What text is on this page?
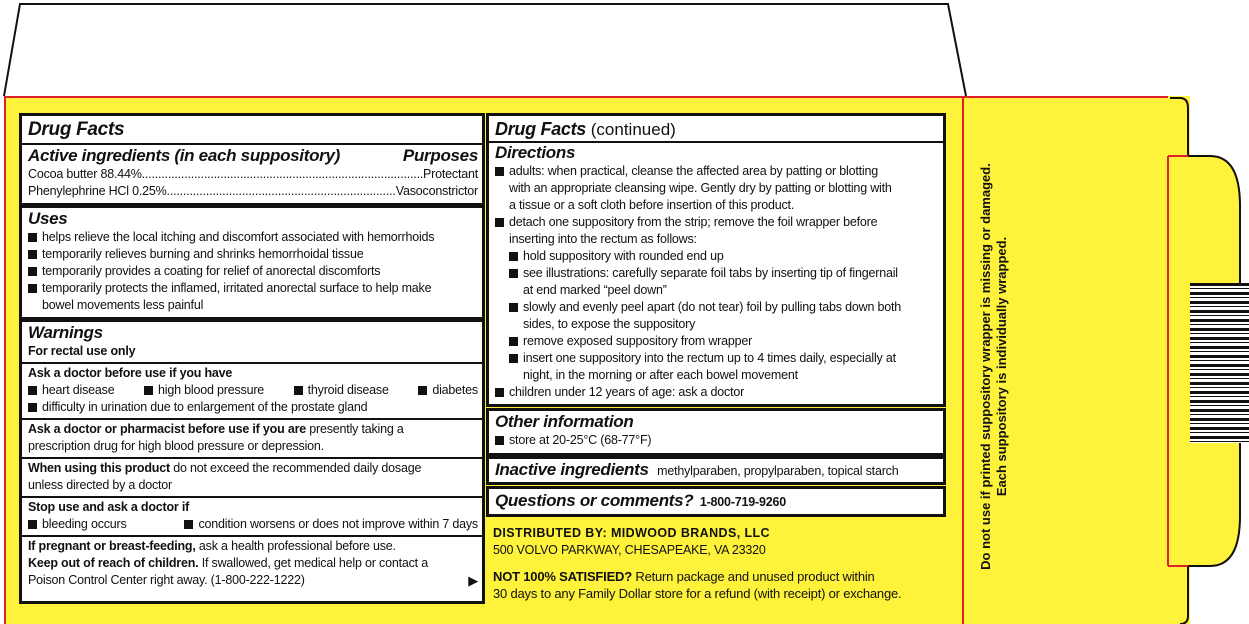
Drug Facts
Active ingredients (in each suppository)	Purposes
Cocoa butter 88.44% .....	Protectant
Phenylephrine HCl 0.25% .....	Vasoconstrictor
Uses
helps relieve the local itching and discomfort associated with hemorrhoids
temporarily relieves burning and shrinks hemorrhoidal tissue
temporarily provides a coating for relief of anorectal discomforts
temporarily protects the inflamed, irritated anorectal surface to help make
bowel movements less painful
Warnings
For rectal use only
Ask a doctor before use if you have
heart disease	high blood pressure	thyroid disease	diabetes
difficulty in urination due to enlargement of the prostate gland
Ask a doctor or pharmacist before use if you are presently taking a
prescription drug for high blood pressure or depression.
When using this product do not exceed the recommended daily dosage
unless directed by a doctor
Stop use and ask a doctor if
bleeding occurs	condition worsens or does not improve within 7 days
If pregnant or breast-feeding, ask a health professional before use.
Keep out of reach of children. If swallowed, get medical help or contact a
Poison Control Center right away. (1-800-222-1222)	▶
Drug Facts (continued)
Directions
adults: when practical, cleanse the affected area by patting or blotting
with an appropriate cleansing wipe. Gently dry by patting or blotting with
a tissue or a soft cloth before insertion of this product.
detach one suppository from the strip; remove the foil wrapper before
inserting into the rectum as follows:
hold suppository with rounded end up
see illustrations: carefully separate foil tabs by inserting tip of fingernail
at end marked “peel down”
slowly and evenly peel apart (do not tear) foil by pulling tabs down both
sides, to expose the suppository
remove exposed suppository from wrapper
insert one suppository into the rectum up to 4 times daily, especially at
night, in the morning or after each bowel movement
children under 12 years of age: ask a doctor
Other information
store at 20-25°C (68-77°F)
Inactive ingredients methylparaben, propylparaben, topical starch
Questions or comments? 1-800-719-9260
DISTRIBUTED BY: MIDWOOD BRANDS, LLC
500 VOLVO PARKWAY, CHESAPEAKE, VA 23320
NOT 100% SATISFIED? Return package and unused product within
30 days to any Family Dollar store for a refund (with receipt) or exchange.
Do not use if printed suppository wrapper is missing or damaged. Each suppository is individually wrapped.
